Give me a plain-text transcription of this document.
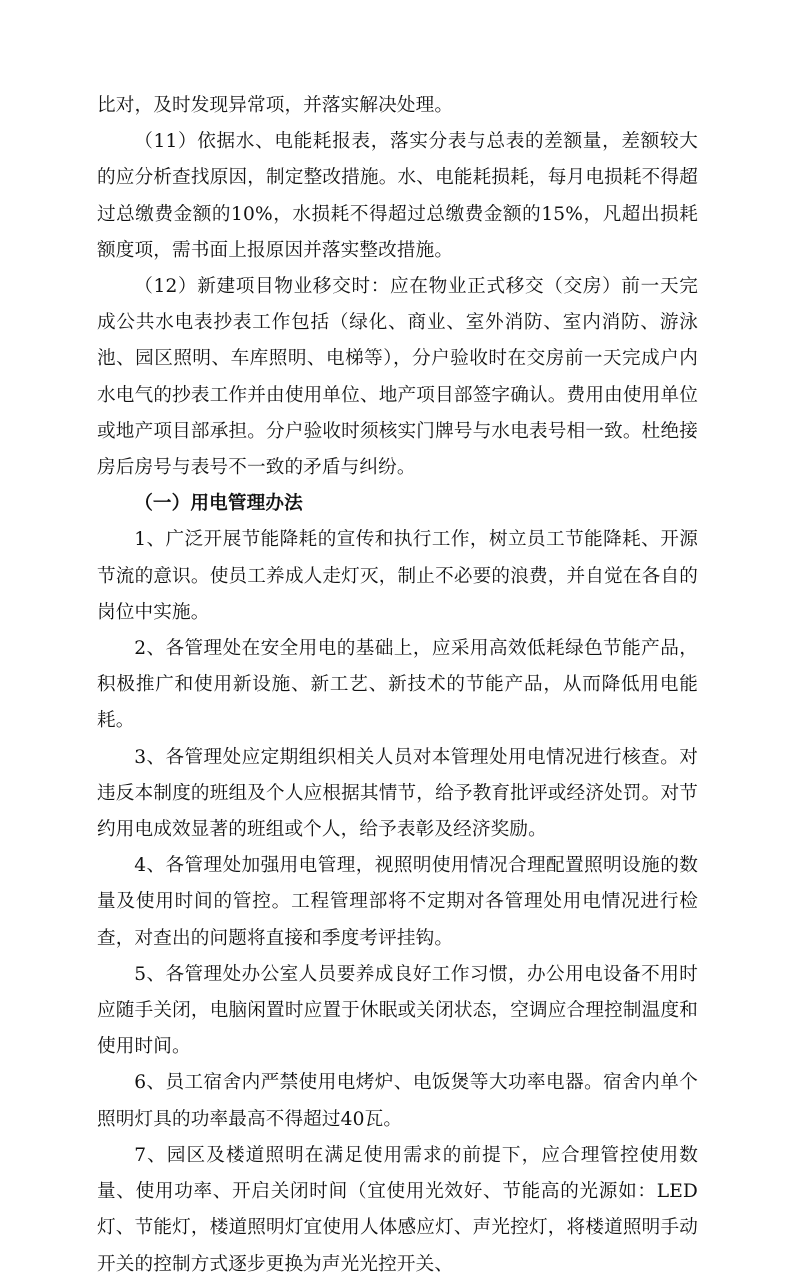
比对，及时发现异常项，并落实解决处理。

（11）依据水、电能耗报表，落实分表与总表的差额量，差额较大的应分析查找原因，制定整改措施。水、电能耗损耗，每月电损耗不得超过总缴费金额的10%，水损耗不得超过总缴费金额的15%，凡超出损耗额度项，需书面上报原因并落实整改措施。

（12）新建项目物业移交时：应在物业正式移交（交房）前一天完成公共水电表抄表工作包括（绿化、商业、室外消防、室内消防、游泳池、园区照明、车库照明、电梯等），分户验收时在交房前一天完成户内水电气的抄表工作并由使用单位、地产项目部签字确认。费用由使用单位或地产项目部承担。分户验收时须核实门牌号与水电表号相一致。杜绝接房后房号与表号不一致的矛盾与纠纷。

（一）用电管理办法

1、广泛开展节能降耗的宣传和执行工作，树立员工节能降耗、开源节流的意识。使员工养成人走灯灭，制止不必要的浪费，并自觉在各自的岗位中实施。

2、各管理处在安全用电的基础上，应采用高效低耗绿色节能产品，积极推广和使用新设施、新工艺、新技术的节能产品，从而降低用电能耗。

3、各管理处应定期组织相关人员对本管理处用电情况进行核查。对违反本制度的班组及个人应根据其情节，给予教育批评或经济处罚。对节约用电成效显著的班组或个人，给予表彰及经济奖励。

4、各管理处加强用电管理，视照明使用情况合理配置照明设施的数量及使用时间的管控。工程管理部将不定期对各管理处用电情况进行检查，对查出的问题将直接和季度考评挂钩。

5、各管理处办公室人员要养成良好工作习惯，办公用电设备不用时应随手关闭，电脑闲置时应置于休眠或关闭状态，空调应合理控制温度和使用时间。

6、员工宿舍内严禁使用电烤炉、电饭煲等大功率电器。宿舍内单个照明灯具的功率最高不得超过40瓦。

7、园区及楼道照明在满足使用需求的前提下，应合理管控使用数量、使用功率、开启关闭时间（宜使用光效好、节能高的光源如：LED灯、节能灯，楼道照明灯宜使用人体感应灯、声光控灯，将楼道照明手动开关的控制方式逐步更换为声光光控开关、
